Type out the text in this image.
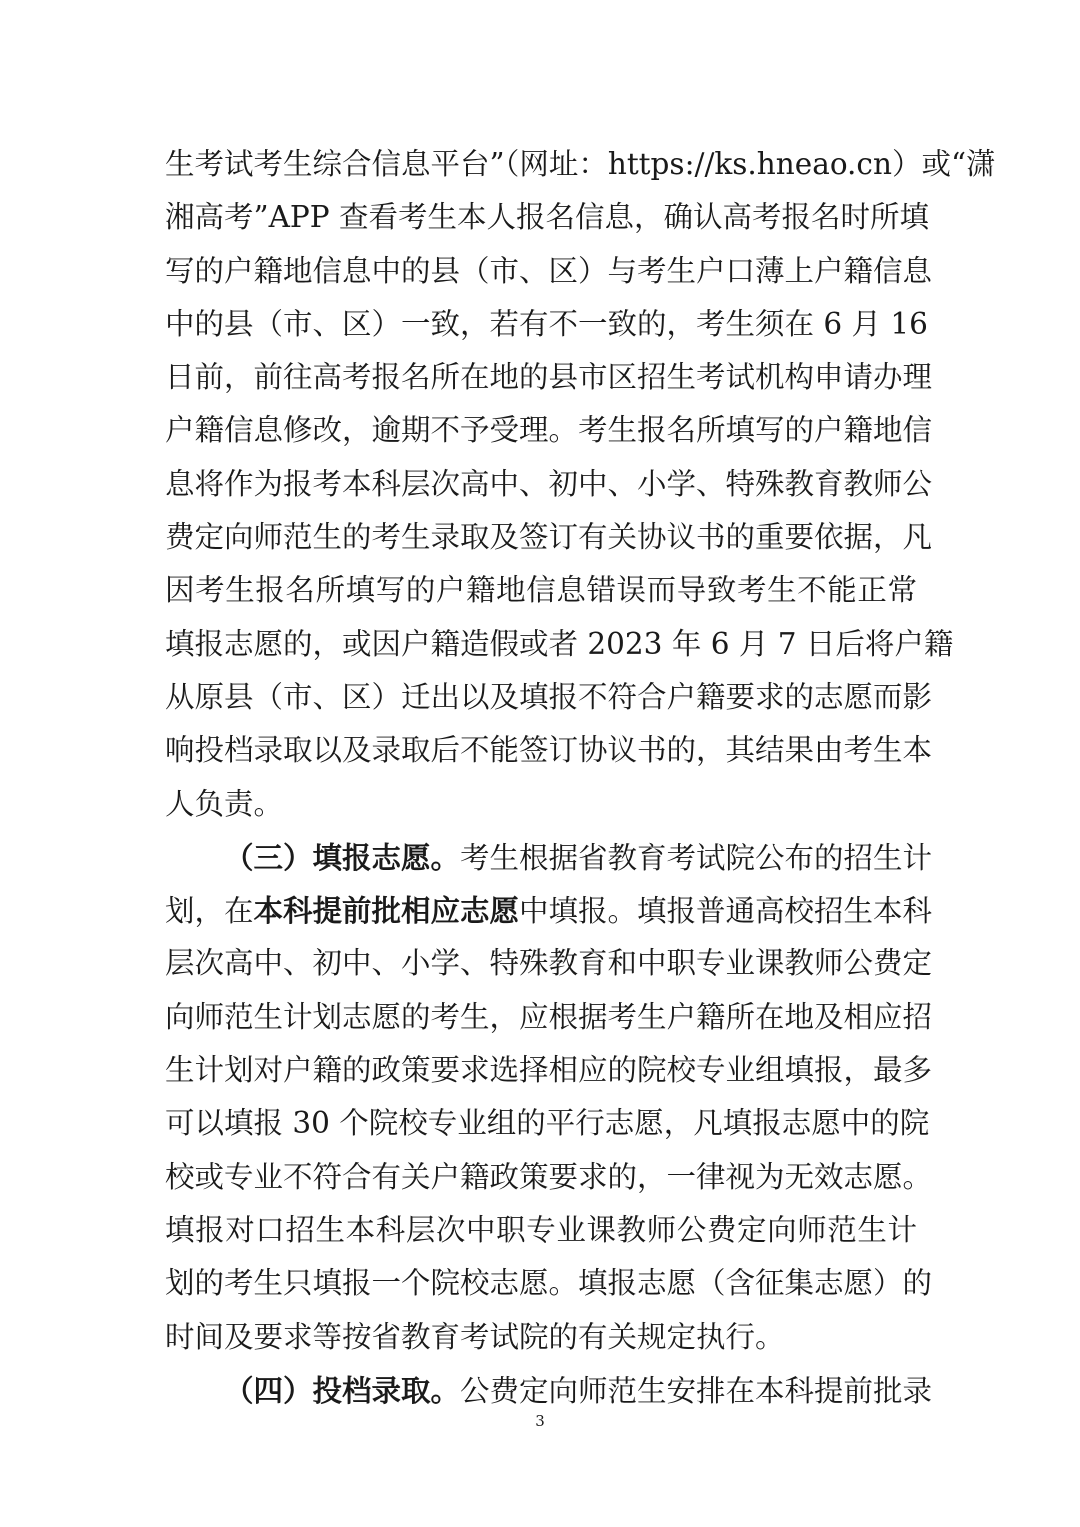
生考试考生综合信息平台”（网址：https://ks.hneao.cn）或“潇
湘高考”APP 查看考生本人报名信息，确认高考报名时所填
写的户籍地信息中的县（市、区）与考生户口薄上户籍信息
中的县（市、区）一致，若有不一致的，考生须在 6 月 16
日前，前往高考报名所在地的县市区招生考试机构申请办理
户籍信息修改，逾期不予受理。考生报名所填写的户籍地信
息将作为报考本科层次高中、初中、小学、特殊教育教师公
费定向师范生的考生录取及签订有关协议书的重要依据，凡
因考生报名所填写的户籍地信息错误而导致考生不能正常
填报志愿的，或因户籍造假或者 2023 年 6 月 7 日后将户籍
从原县（市、区）迁出以及填报不符合户籍要求的志愿而影
响投档录取以及录取后不能签订协议书的，其结果由考生本
人负责。
（三）填报志愿。考生根据省教育考试院公布的招生计
划，在本科提前批相应志愿中填报。填报普通高校招生本科
层次高中、初中、小学、特殊教育和中职专业课教师公费定
向师范生计划志愿的考生，应根据考生户籍所在地及相应招
生计划对户籍的政策要求选择相应的院校专业组填报，最多
可以填报 30 个院校专业组的平行志愿，凡填报志愿中的院
校或专业不符合有关户籍政策要求的，一律视为无效志愿。
填报对口招生本科层次中职专业课教师公费定向师范生计
划的考生只填报一个院校志愿。填报志愿（含征集志愿）的
时间及要求等按省教育考试院的有关规定执行。
（四）投档录取。公费定向师范生安排在本科提前批录
3
